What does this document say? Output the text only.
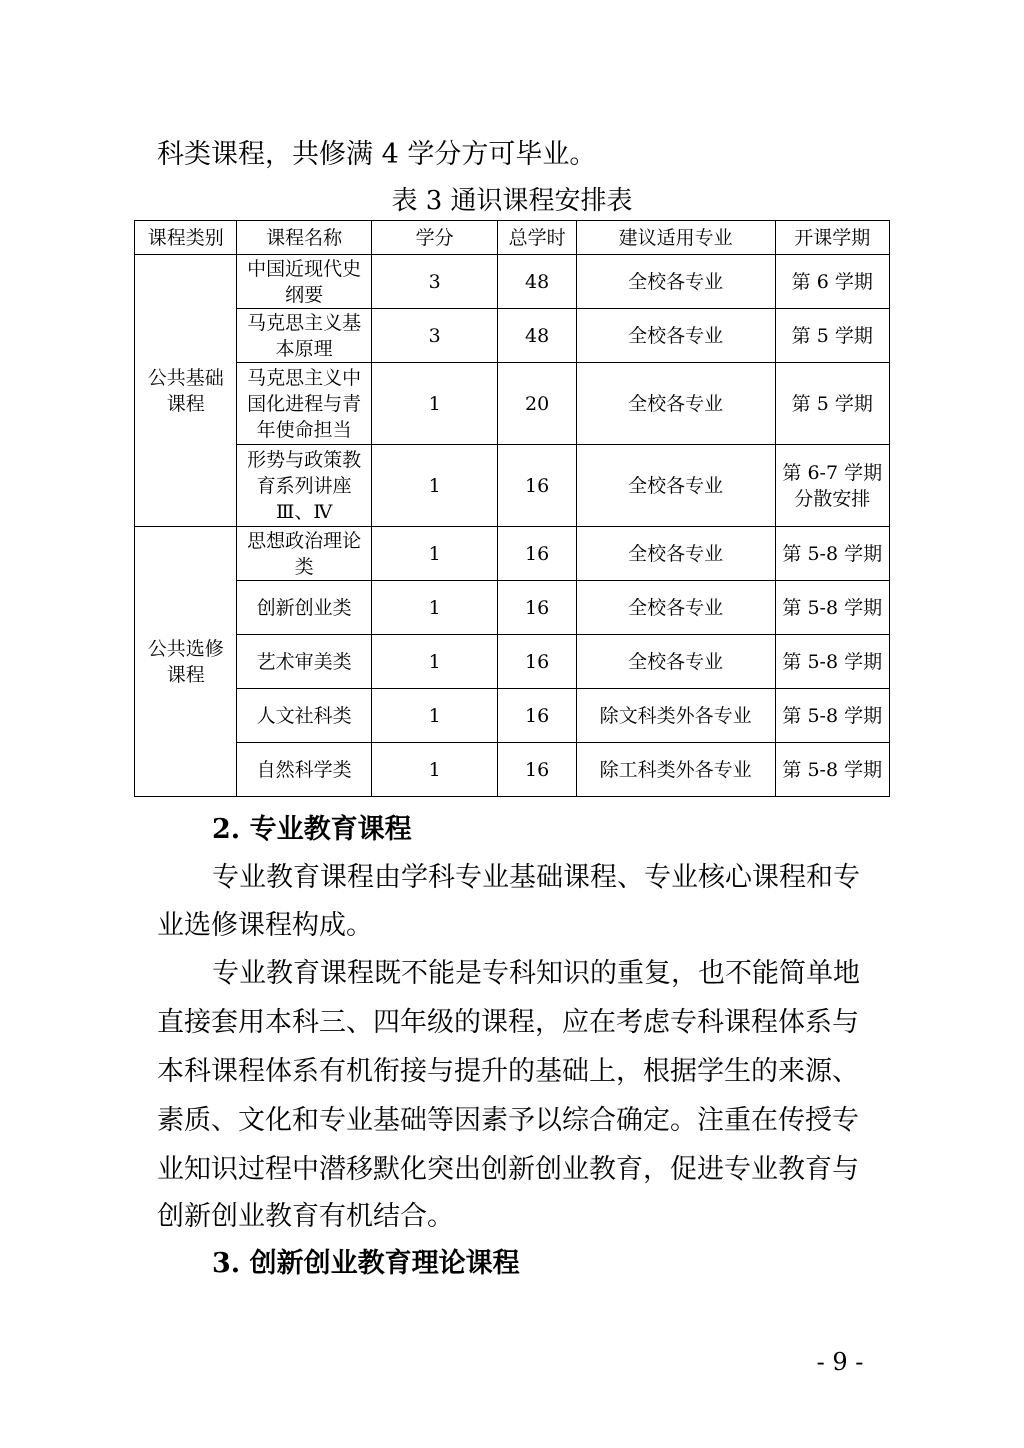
科类课程，共修满 4 学分方可毕业。
表 3 通识课程安排表
课程类别	课程名称	学分	总学时	建议适用专业	开课学期
公共基础课程	中国近现代史纲要	3	48	全校各专业	第 6 学期
	马克思主义基本原理	3	48	全校各专业	第 5 学期
	马克思主义中国化进程与青年使命担当	1	20	全校各专业	第 5 学期
	形势与政策教育系列讲座Ⅲ、Ⅳ	1	16	全校各专业	第 6-7 学期分散安排
公共选修课程	思想政治理论类	1	16	全校各专业	第 5-8 学期
	创新创业类	1	16	全校各专业	第 5-8 学期
	艺术审美类	1	16	全校各专业	第 5-8 学期
	人文社科类	1	16	除文科类外各专业	第 5-8 学期
	自然科学类	1	16	除工科类外各专业	第 5-8 学期
2. 专业教育课程
专业教育课程由学科专业基础课程、专业核心课程和专
业选修课程构成。
专业教育课程既不能是专科知识的重复，也不能简单地
直接套用本科三、四年级的课程，应在考虑专科课程体系与
本科课程体系有机衔接与提升的基础上，根据学生的来源、
素质、文化和专业基础等因素予以综合确定。注重在传授专
业知识过程中潜移默化突出创新创业教育，促进专业教育与
创新创业教育有机结合。
3. 创新创业教育理论课程
- 9 -
